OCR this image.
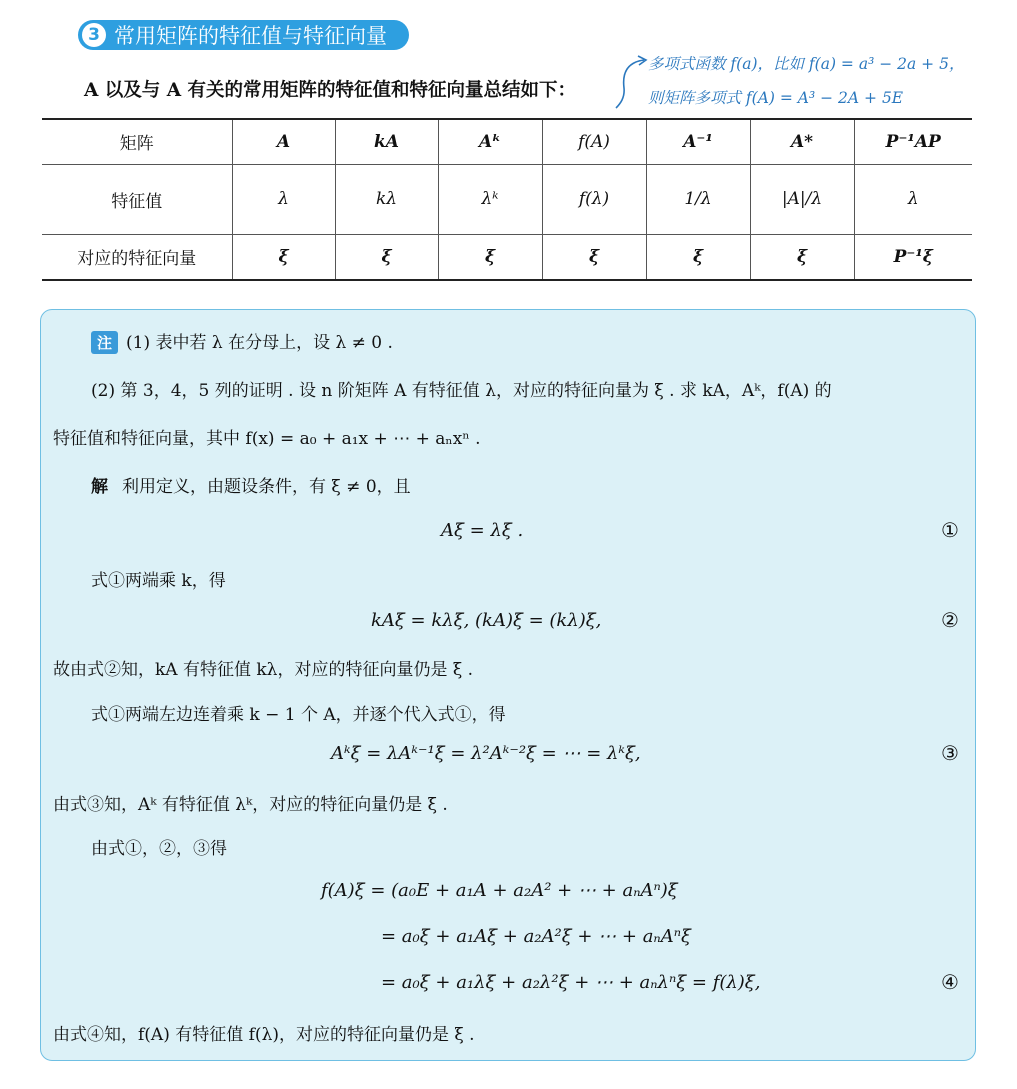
3 常用矩阵的特征值与特征向量
A 以及与 A 有关的常用矩阵的特征值和特征向量总结如下：
多项式函数 f(a)，比如 f(a) = a³ − 2a + 5，
则矩阵多项式 f(A) = A³ − 2A + 5E
矩阵	A	kA	Aᵏ	f(A)	A⁻¹	A*	P⁻¹AP
特征值	λ	kλ	λᵏ	f(λ)	1/λ	|A|/λ	λ
对应的特征向量	ξ	ξ	ξ	ξ	ξ	ξ	P⁻¹ξ
注 (1) 表中若 λ 在分母上，设 λ ≠ 0 .
(2) 第 3，4，5 列的证明 . 设 n 阶矩阵 A 有特征值 λ，对应的特征向量为 ξ . 求 kA，Aᵏ，f(A) 的
特征值和特征向量，其中 f(x) = a₀ + a₁x + ⋯ + aₙxⁿ .
解 利用定义，由题设条件，有 ξ ≠ 0，且
Aξ = λξ .	①
式①两端乘 k，得
kAξ = kλξ, (kA)ξ = (kλ)ξ,	②
故由式②知，kA 有特征值 kλ，对应的特征向量仍是 ξ .
式①两端左边连着乘 k − 1 个 A，并逐个代入式①，得
Aᵏξ = λAᵏ⁻¹ξ = λ²Aᵏ⁻²ξ = ⋯ = λᵏξ,	③
由式③知，Aᵏ 有特征值 λᵏ，对应的特征向量仍是 ξ .
由式①，②，③得
f(A)ξ = (a₀E + a₁A + a₂A² + ⋯ + aₙAⁿ)ξ
= a₀ξ + a₁Aξ + a₂A²ξ + ⋯ + aₙAⁿξ
= a₀ξ + a₁λξ + a₂λ²ξ + ⋯ + aₙλⁿξ = f(λ)ξ,	④
由式④知，f(A) 有特征值 f(λ)，对应的特征向量仍是 ξ .
